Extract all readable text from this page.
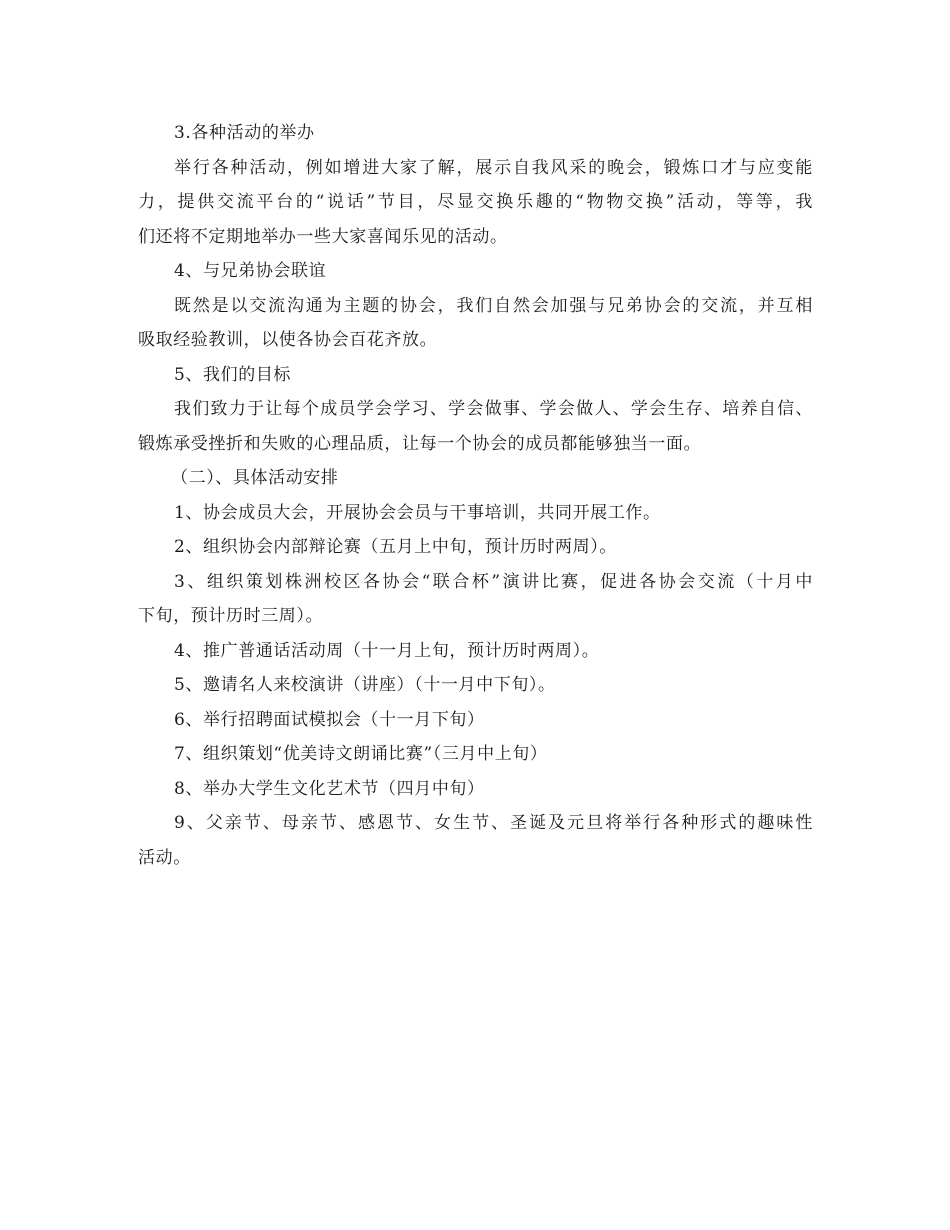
3.各种活动的举办
举行各种活动，例如增进大家了解，展示自我风采的晚会，锻炼口才与应变能
力，提供交流平台的“说话”节目，尽显交换乐趣的“物物交换”活动，等等，我
们还将不定期地举办一些大家喜闻乐见的活动。
4、与兄弟协会联谊
既然是以交流沟通为主题的协会，我们自然会加强与兄弟协会的交流，并互相
吸取经验教训，以使各协会百花齐放。
5、我们的目标
我们致力于让每个成员学会学习、学会做事、学会做人、学会生存、培养自信、
锻炼承受挫折和失败的心理品质，让每一个协会的成员都能够独当一面。
（二）、具体活动安排
1、协会成员大会，开展协会会员与干事培训，共同开展工作。
2、组织协会内部辩论赛（五月上中旬，预计历时两周）。
3、组织策划株洲校区各协会“联合杯”演讲比赛，促进各协会交流（十月中
下旬，预计历时三周）。
4、推广普通话活动周（十一月上旬，预计历时两周）。
5、邀请名人来校演讲（讲座）（十一月中下旬）。
6、举行招聘面试模拟会（十一月下旬）
7、组织策划“优美诗文朗诵比赛”（三月中上旬）
8、举办大学生文化艺术节（四月中旬）
9、父亲节、母亲节、感恩节、女生节、圣诞及元旦将举行各种形式的趣味性
活动。
